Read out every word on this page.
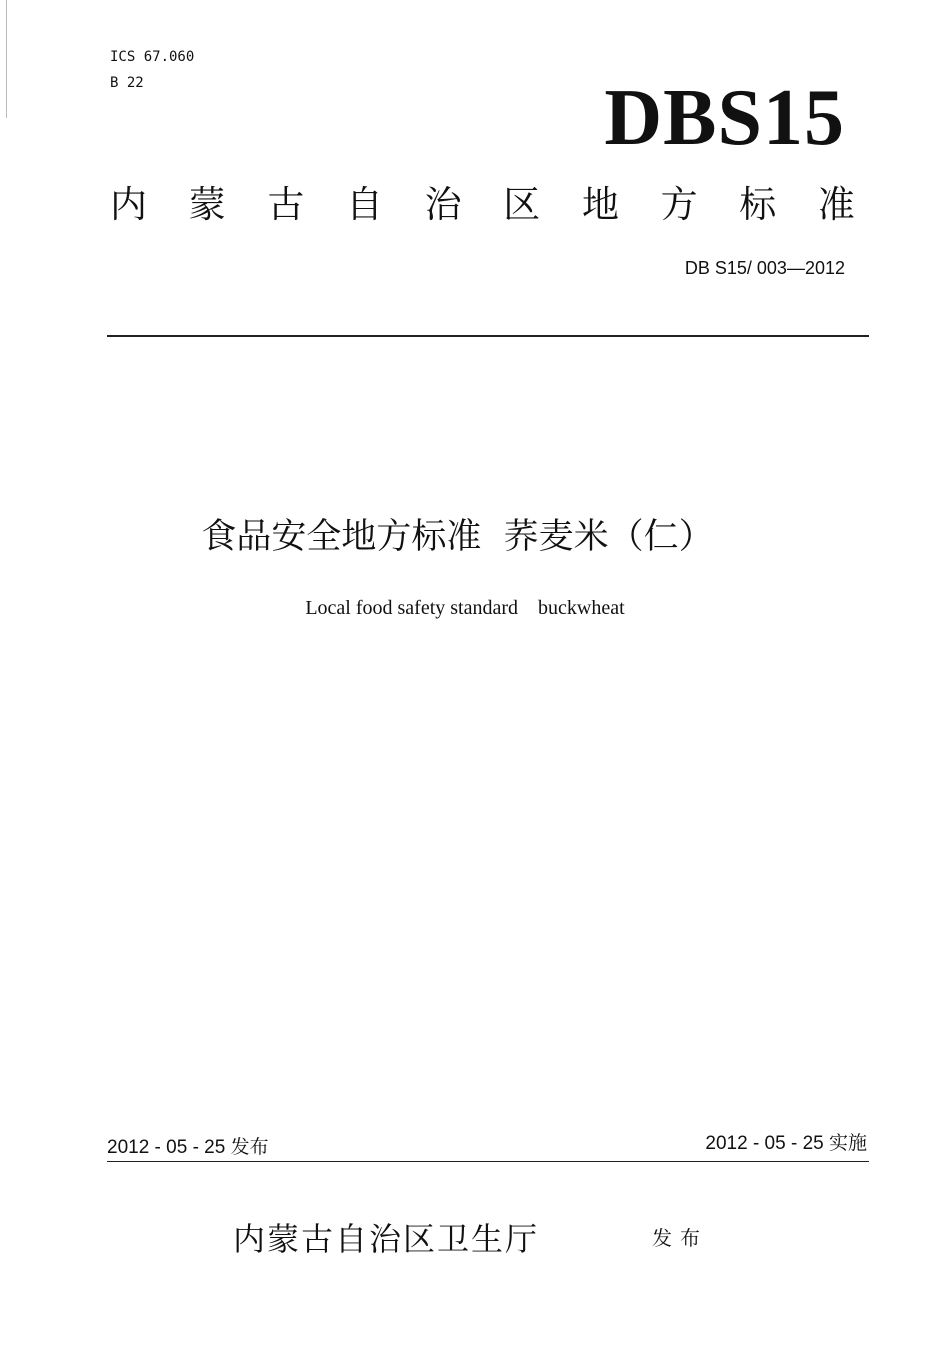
ICS 67.060
B 22	DBS15
内 蒙 古 自 治 区 地 方 标 准
DB S15/ 003—2012
食品安全地方标准  荞麦米（仁）
Local food safety standard    buckwheat
2012 - 05 - 25 发布	2012 - 05 - 25 实施
内蒙古自治区卫生厅	发布
